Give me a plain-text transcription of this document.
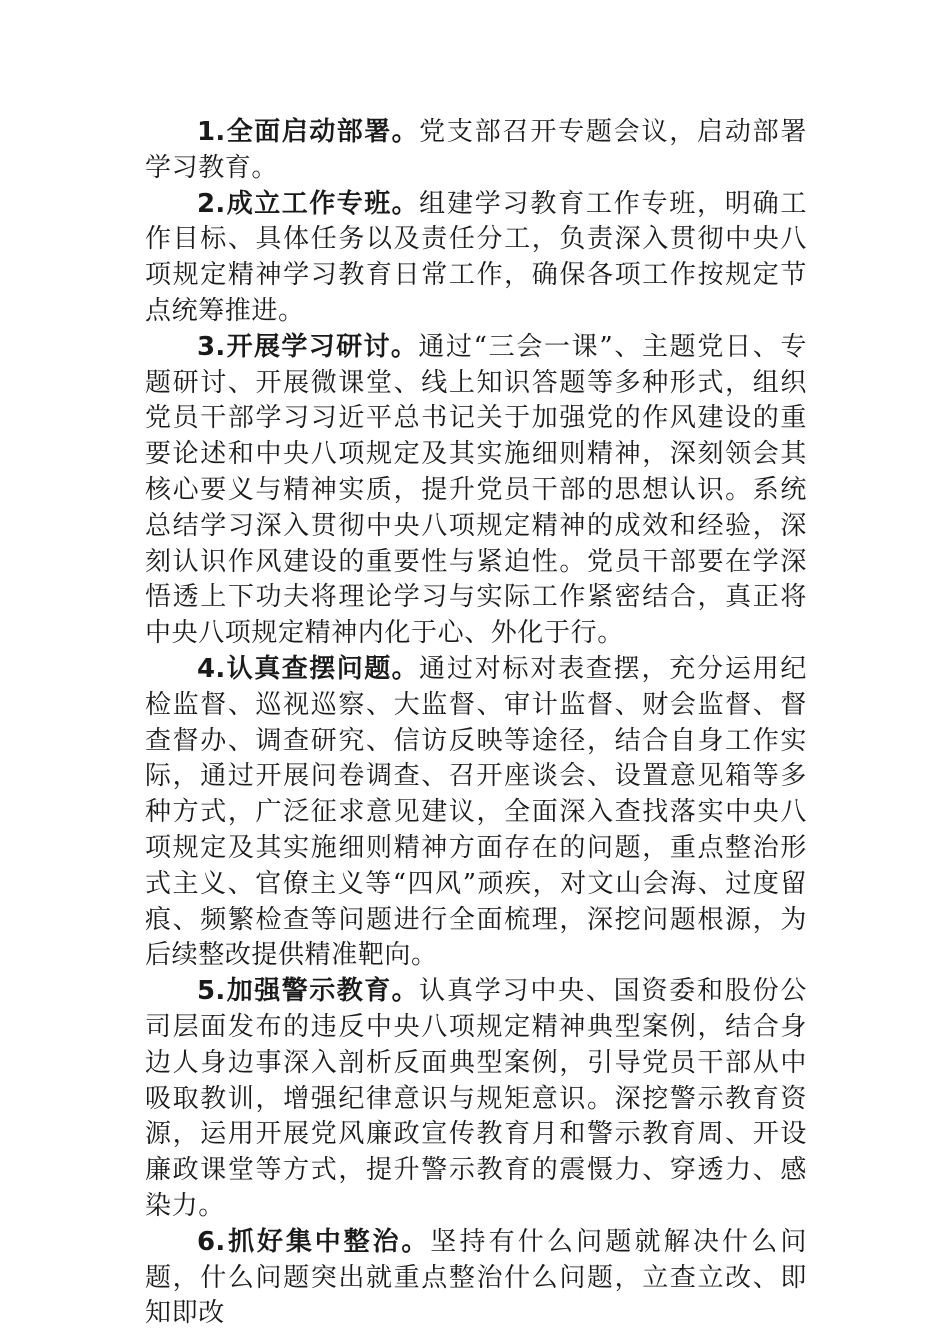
1.全面启动部署。党支部召开专题会议，启动部署学习教育。

2.成立工作专班。组建学习教育工作专班，明确工作目标、具体任务以及责任分工，负责深入贯彻中央八项规定精神学习教育日常工作，确保各项工作按规定节点统筹推进。

3.开展学习研讨。通过“三会一课”、主题党日、专题研讨、开展微课堂、线上知识答题等多种形式，组织党员干部学习习近平总书记关于加强党的作风建设的重要论述和中央八项规定及其实施细则精神，深刻领会其核心要义与精神实质，提升党员干部的思想认识。系统总结学习深入贯彻中央八项规定精神的成效和经验，深刻认识作风建设的重要性与紧迫性。党员干部要在学深悟透上下功夫将理论学习与实际工作紧密结合，真正将中央八项规定精神内化于心、外化于行。

4.认真查摆问题。通过对标对表查摆，充分运用纪检监督、巡视巡察、大监督、审计监督、财会监督、督查督办、调查研究、信访反映等途径，结合自身工作实际，通过开展问卷调查、召开座谈会、设置意见箱等多种方式，广泛征求意见建议，全面深入查找落实中央八项规定及其实施细则精神方面存在的问题，重点整治形式主义、官僚主义等“四风”顽疾，对文山会海、过度留痕、频繁检查等问题进行全面梳理，深挖问题根源，为后续整改提供精准靶向。

5.加强警示教育。认真学习中央、国资委和股份公司层面发布的违反中央八项规定精神典型案例，结合身边人身边事深入剖析反面典型案例，引导党员干部从中吸取教训，增强纪律意识与规矩意识。深挖警示教育资源，运用开展党风廉政宣传教育月和警示教育周、开设廉政课堂等方式，提升警示教育的震慑力、穿透力、感染力。

6.抓好集中整治。坚持有什么问题就解决什么问题，什么问题突出就重点整治什么问题，立查立改、即知即改
